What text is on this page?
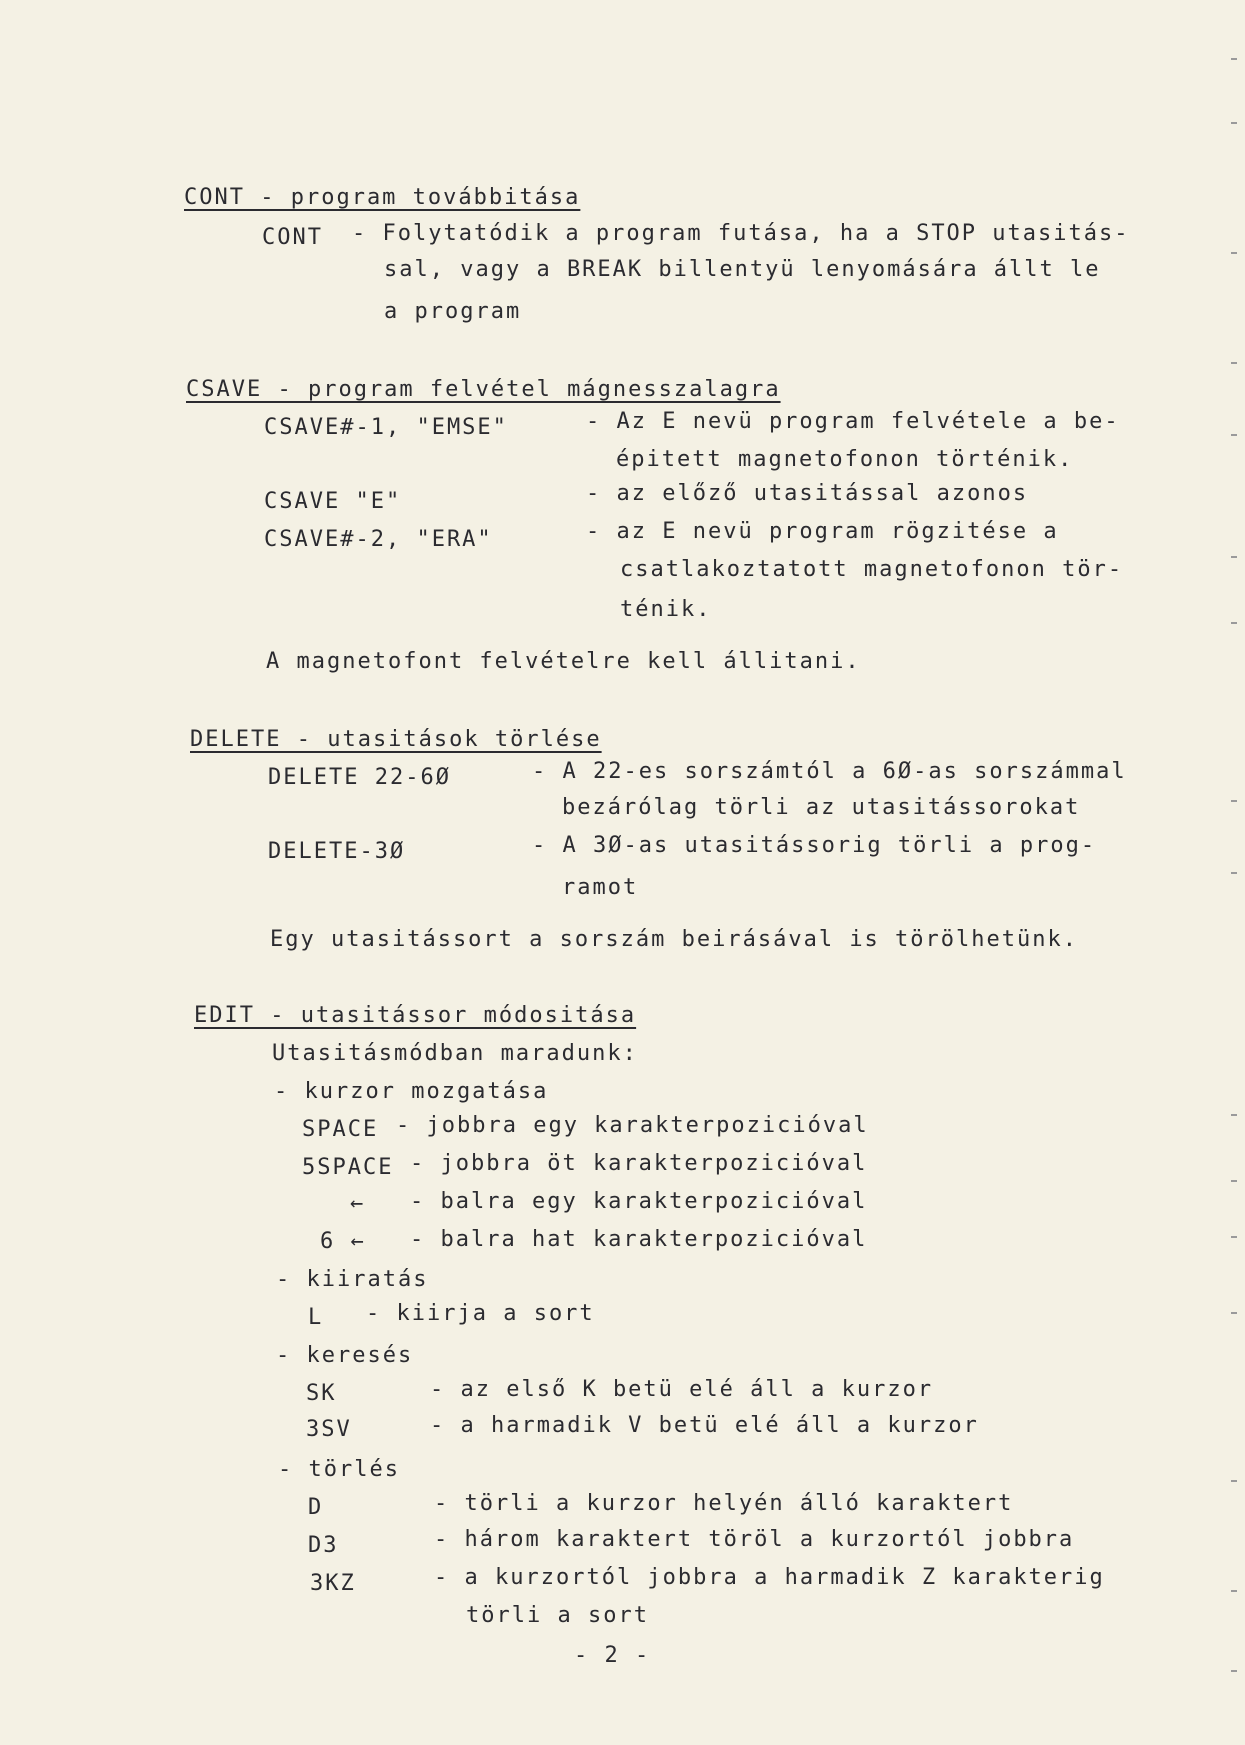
CONT - program továbbitása
CONT - Folytatódik a program futása, ha a STOP utasitás-
sal, vagy a BREAK billentyü lenyomására állt le
a program
CSAVE - program felvétel mágnesszalagra
CSAVE#-1, "EMSE"	- Az E nevü program felvétele a be-
épitett magnetofonon történik.
CSAVE "E"	- az előző utasitással azonos
CSAVE#-2, "ERA"	- az E nevü program rögzitése a
csatlakoztatott magnetofonon tör-
ténik.
A magnetofont felvételre kell állitani.
DELETE - utasitások törlése
DELETE 22-6Ø	- A 22-es sorszámtól a 6Ø-as sorszámmal
bezárólag törli az utasitássorokat
DELETE-3Ø	- A 3Ø-as utasitássorig törli a prog-
ramot
Egy utasitássort a sorszám beirásával is törölhetünk.
EDIT - utasitássor módositása
Utasitásmódban maradunk:
- kurzor mozgatása
SPACE - jobbra egy karakterpozicióval
5SPACE - jobbra öt karakterpozicióval
← - balra egy karakterpozicióval
6 ← - balra hat karakterpozicióval
- kiiratás
L - kiirja a sort
- keresés
SK	- az első K betü elé áll a kurzor
3SV	- a harmadik V betü elé áll a kurzor
- törlés
D	- törli a kurzor helyén álló karaktert
D3	- három karaktert töröl a kurzortól jobbra
3KZ	- a kurzortól jobbra a harmadik Z karakterig
törli a sort
- 2 -
